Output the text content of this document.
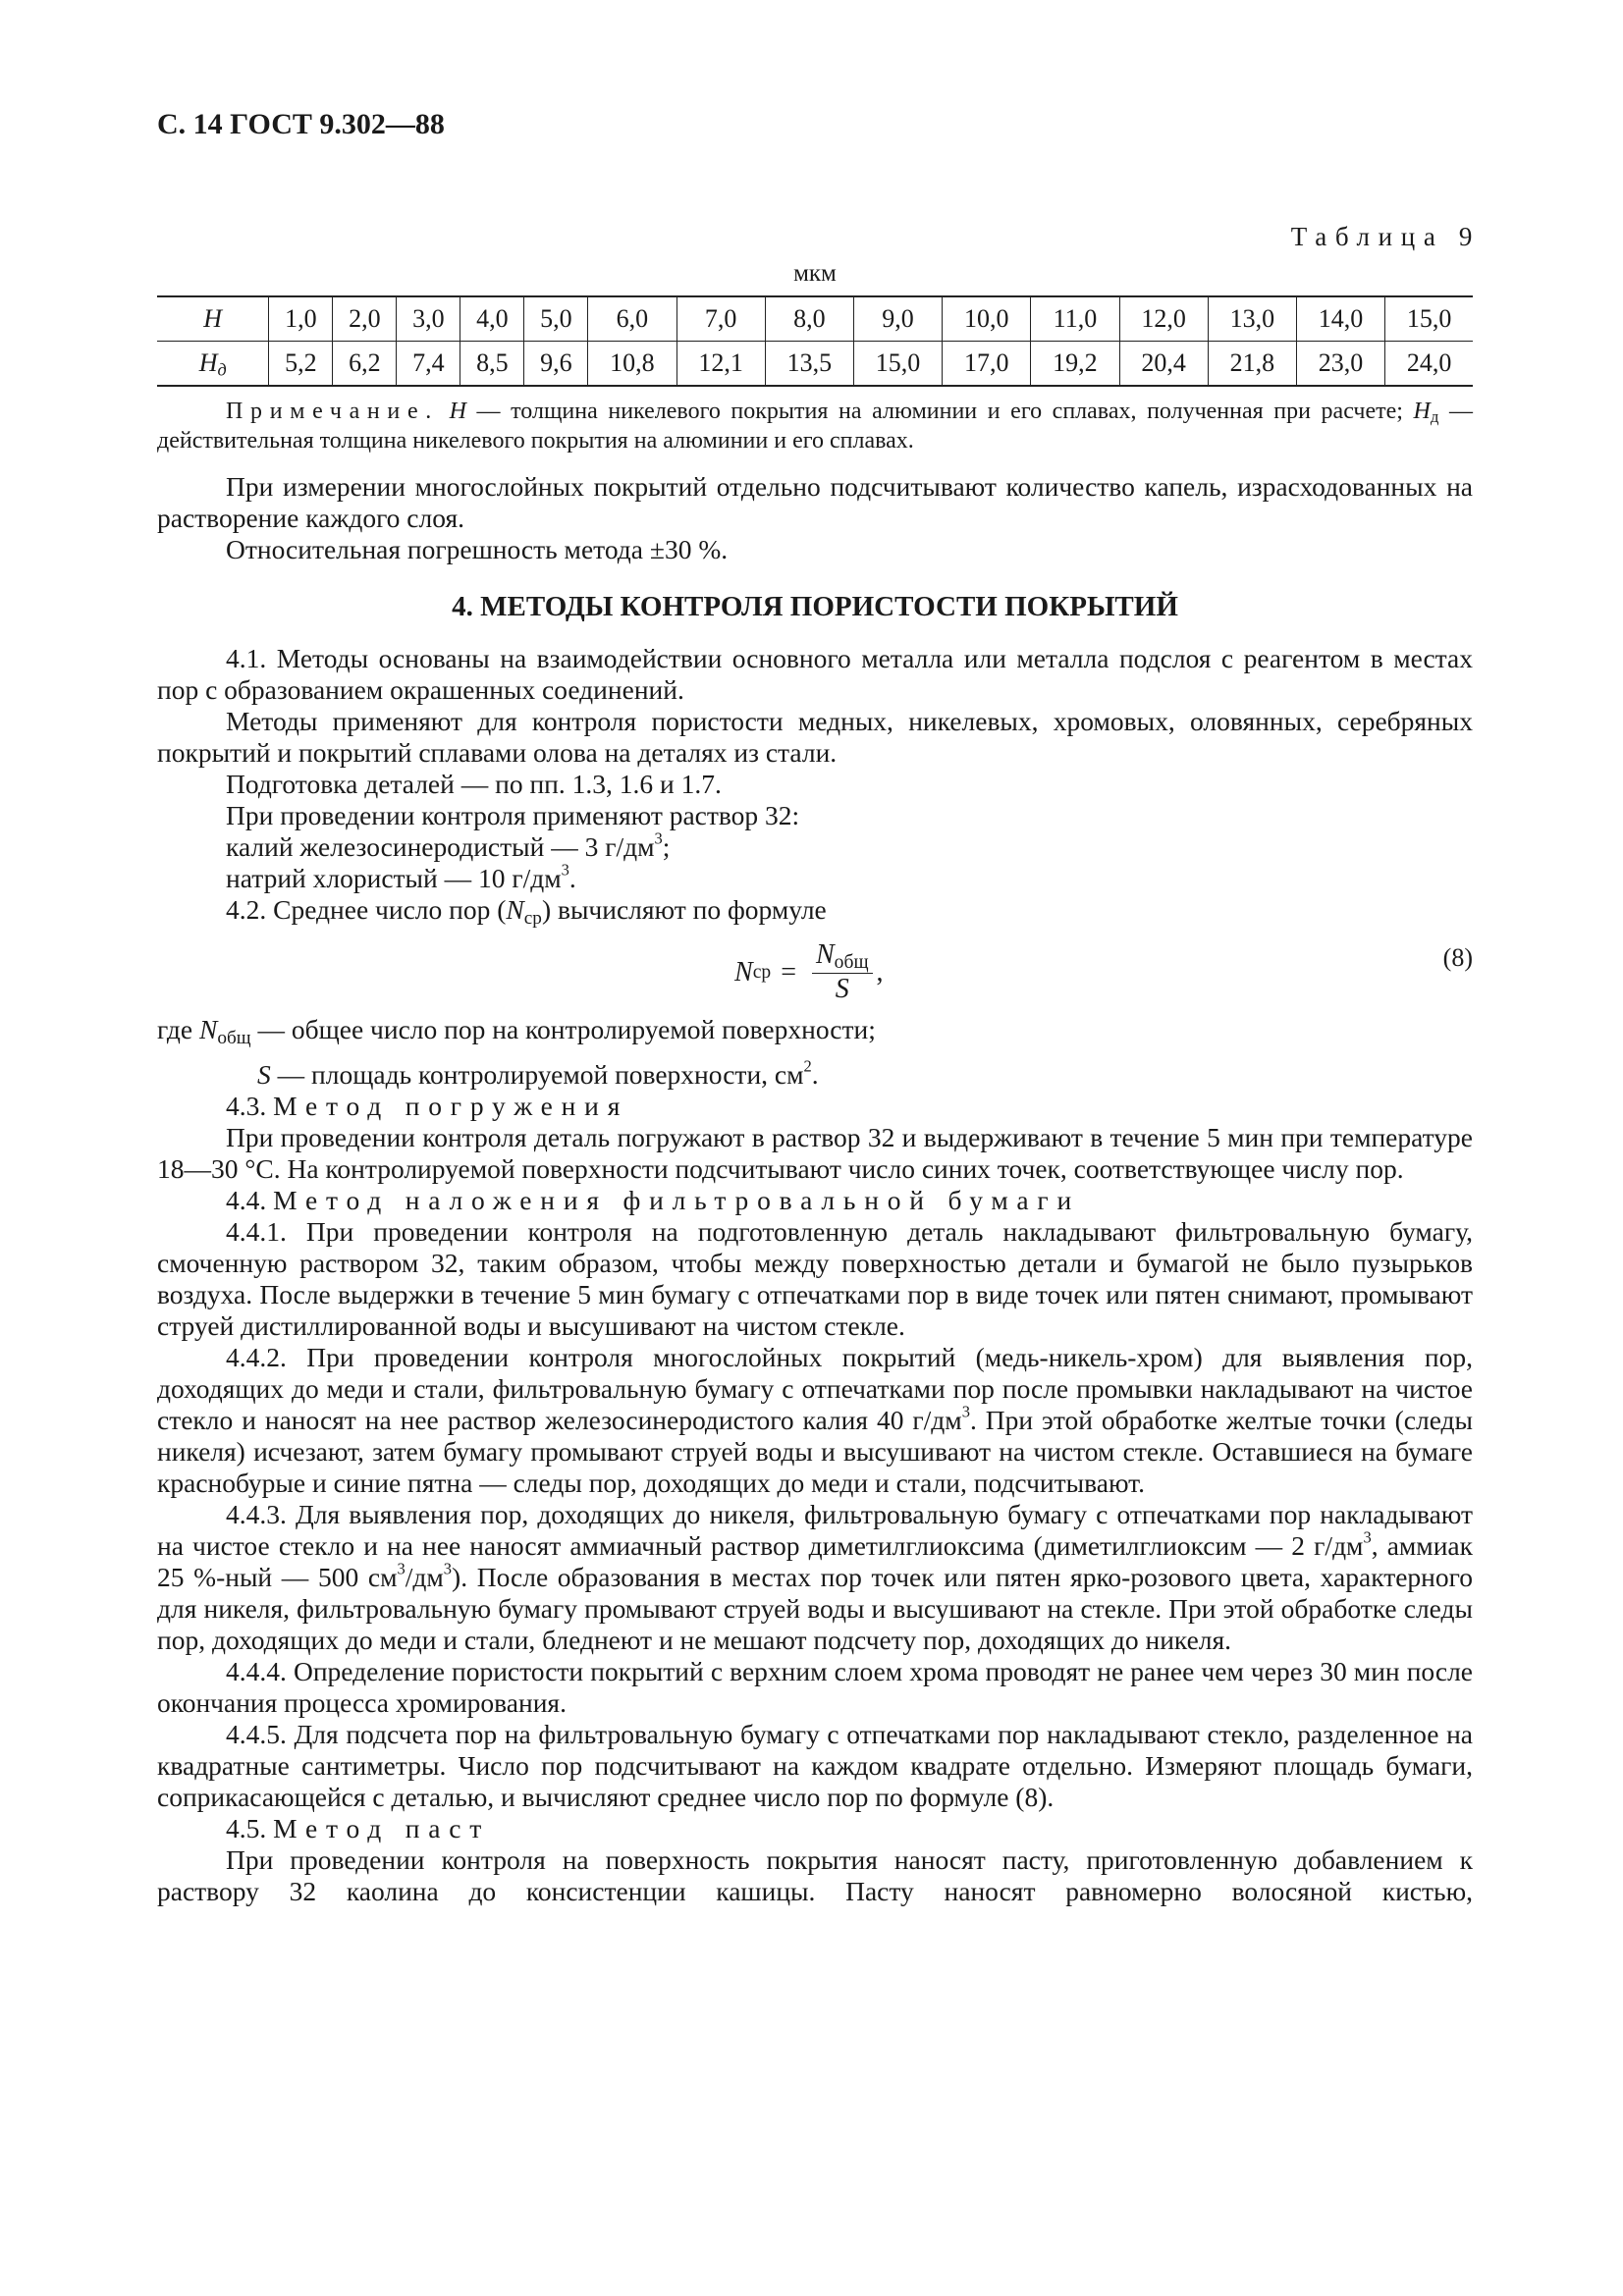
С. 14 ГОСТ 9.302—88

Таблица 9
мкм
H	1,0	2,0	3,0	4,0	5,0	6,0	7,0	8,0	9,0	10,0	11,0	12,0	13,0	14,0	15,0
$H_д$	5,2	6,2	7,4	8,5	9,6	10,8	12,1	13,5	15,0	17,0	19,2	20,4	21,8	23,0	24,0

Примечание. H — толщина никелевого покрытия на алюминии и его сплавах, полученная при расчете; $H_д$ — действительная толщина никелевого покрытия на алюминии и его сплавах.

При измерении многослойных покрытий отдельно подсчитывают количество капель, израсходованных на растворение каждого слоя.

Относительная погрешность метода ±30 %.

4. МЕТОДЫ КОНТРОЛЯ ПОРИСТОСТИ ПОКРЫТИЙ

4.1. Методы основаны на взаимодействии основного металла или металла подслоя с реагентом в местах пор с образованием окрашенных соединений.

Методы применяют для контроля пористости медных, никелевых, хромовых, оловянных, серебряных покрытий и покрытий сплавами олова на деталях из стали.

Подготовка деталей — по пп. 1.3, 1.6 и 1.7.

При проведении контроля применяют раствор 32:

калий железосинеродистый — 3 $г/дм^3$;

натрий хлористый — 10 $г/дм^3$.

4.2. Среднее число пор $(N_{ср})$ вычисляют по формуле

N ср = $\frac{N_{общ}}{S}$ ,	(8)

где $N_{общ}$ — общее число пор на контролируемой поверхности;

S — площадь контролируемой поверхности, $см^2$.

4.3. Метод погружения

При проведении контроля деталь погружают в раствор 32 и выдерживают в течение 5 мин при температуре 18—30 °С. На контролируемой поверхности подсчитывают число синих точек, соответствующее числу пор.

4.4. Метод наложения фильтровальной бумаги

4.4.1. При проведении контроля на подготовленную деталь накладывают фильтровальную бумагу, смоченную раствором 32, таким образом, чтобы между поверхностью детали и бумагой не было пузырьков воздуха. После выдержки в течение 5 мин бумагу с отпечатками пор в виде точек или пятен снимают, промывают струей дистиллированной воды и высушивают на чистом стекле.

4.4.2. При проведении контроля многослойных покрытий (медь-никель-хром) для выявления пор, доходящих до меди и стали, фильтровальную бумагу с отпечатками пор после промывки накладывают на чистое стекло и наносят на нее раствор железосинеродистого калия 40 $г/дм^3$. При этой обработке желтые точки (следы никеля) исчезают, затем бумагу промывают струей воды и высушивают на чистом стекле. Оставшиеся на бумаге краснобурые и синие пятна — следы пор, доходящих до меди и стали, подсчитывают.

4.4.3. Для выявления пор, доходящих до никеля, фильтровальную бумагу с отпечатками пор накладывают на чистое стекло и на нее наносят аммиачный раствор диметилглиоксима (диметилглиоксим — 2 $г/дм^3$, аммиак 25 %-ный — 500 $см^3/дм^3$). После образования в местах пор точек или пятен ярко-розового цвета, характерного для никеля, фильтровальную бумагу промывают струей воды и высушивают на стекле. При этой обработке следы пор, доходящих до меди и стали, бледнеют и не мешают подсчету пор, доходящих до никеля.

4.4.4. Определение пористости покрытий с верхним слоем хрома проводят не ранее чем через 30 мин после окончания процесса хромирования.

4.4.5. Для подсчета пор на фильтровальную бумагу с отпечатками пор накладывают стекло, разделенное на квадратные сантиметры. Число пор подсчитывают на каждом квадрате отдельно. Измеряют площадь бумаги, соприкасающейся с деталью, и вычисляют среднее число пор по формуле (8).

4.5. Метод паст

При проведении контроля на поверхность покрытия наносят пасту, приготовленную добавлением к раствору 32 каолина до консистенции кашицы. Пасту наносят равномерно волосяной кистью,
